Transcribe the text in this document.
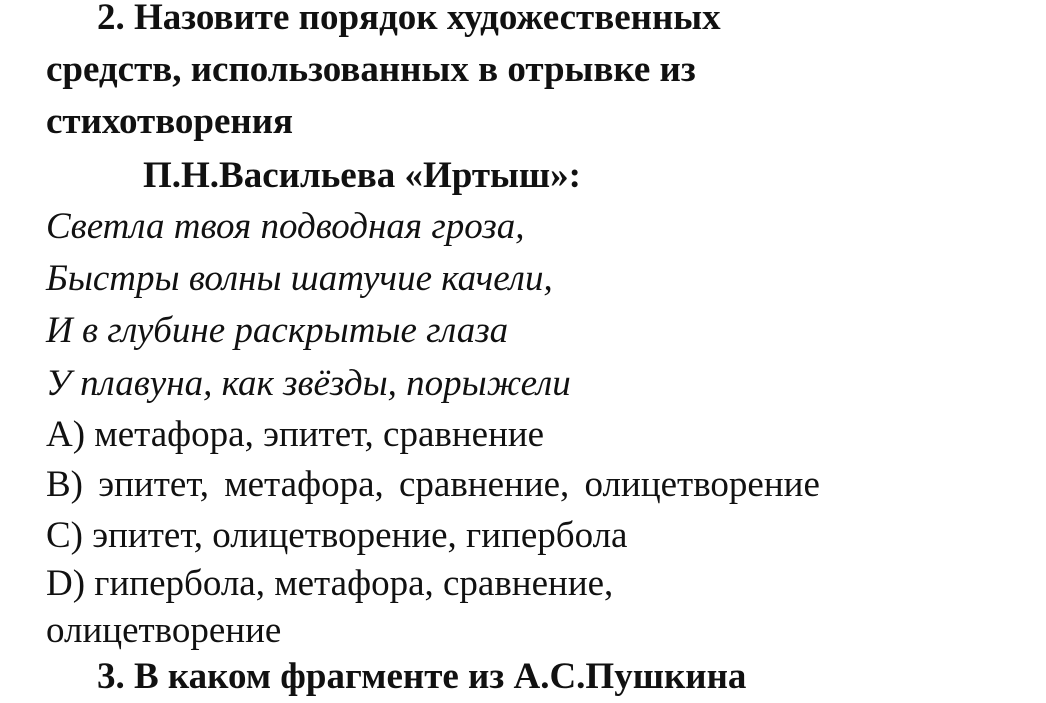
2. Назовите порядок художественных
средств, использованных в отрывке из
стихотворения
П.Н.Васильева «Иртыш»:
Светла твоя подводная гроза,
Быстры волны шатучие качели,
И в глубине раскрытые глаза
У плавуна, как звёзды, порыжели
A) метафора, эпитет, сравнение
B) эпитет, метафора, сравнение, олицетворение
C) эпитет, олицетворение, гипербола
D) гипербола, метафора, сравнение,
олицетворение
3. В каком фрагменте из А.С.Пушкина
